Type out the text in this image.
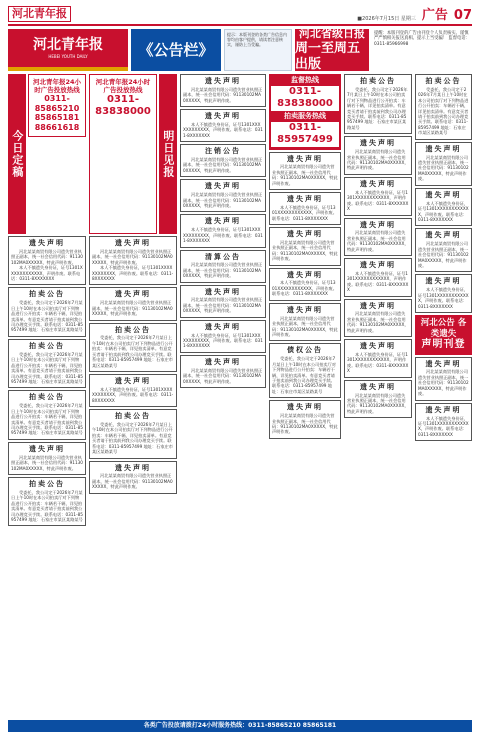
河北青年报	■2026年7月15日 星期三 广告 07
河北青年报
HEBEI YOUTH DAILY	《公告栏》
提示：本版刊登的各类广告信息内容均由客户提供，请读者注意核实，谨防上当受骗。
河北省级日报
周一至周五出版
提醒：本版刊登的广告由刊登个人负责核实。谨慎严严慎相关报送真相。提示上当受骗！ 监督电话：0311-85966998
今日定稿
河北青年报24小时广告投放热线
0311-
85865210
85865181
88661618
遗失声明

河北某某商贸有限公司遗失营业执照正副本，统一社会信用代码：91130102MA0XXXXX，特此声明作废。

本人不慎遗失身份证，证号1301XXXXXXXXXXXX，声明作废。联系电话：0311-8XXXXXXX

拍卖公告

受委托，我公司定于2026年7月某日上午10时在本公司拍卖厅对下列物品进行公开拍卖：车辆若干辆，详见拍卖清单。有意竞买者请于拍卖前到我公司办理竞买手续。联系电话：0311-85957499 地址：石家庄市某区某路某号

拍卖公告

受委托，我公司定于2026年7月某日上午10时在本公司拍卖厅对下列物品进行公开拍卖：车辆若干辆，详见拍卖清单。有意竞买者请于拍卖前到我公司办理竞买手续。联系电话：0311-85957499 地址：石家庄市某区某路某号

拍卖公告

受委托，我公司定于2026年7月某日上午10时在本公司拍卖厅对下列物品进行公开拍卖：车辆若干辆，详见拍卖清单。有意竞买者请于拍卖前到我公司办理竞买手续。联系电话：0311-85957499 地址：石家庄市某区某路某号

遗失声明

河北某某商贸有限公司遗失营业执照正副本，统一社会信用代码：91130102MA0XXXXX，特此声明作废。

拍卖公告

受委托，我公司定于2026年7月某日上午10时在本公司拍卖厅对下列物品进行公开拍卖：车辆若干辆，详见拍卖清单。有意竞买者请于拍卖前到我公司办理竞买手续。联系电话：0311-85957499 地址：石家庄市某区某路某号

河北青年报24小时广告投放热线
0311- 83838000
明日见报
遗失声明

河北某某商贸有限公司遗失营业执照正副本，统一社会信用代码：91130102MA0XXXXX，特此声明作废。

本人不慎遗失身份证，证号1301XXXXXXXXXXXX，声明作废。联系电话：0311-8XXXXXXX

遗失声明

河北某某商贸有限公司遗失营业执照正副本，统一社会信用代码：91130102MA0XXXXX，特此声明作废。

拍卖公告

受委托，我公司定于2026年7月某日上午10时在本公司拍卖厅对下列物品进行公开拍卖：车辆若干辆，详见拍卖清单。有意竞买者请于拍卖前到我公司办理竞买手续。联系电话：0311-85957499 地址：石家庄市某区某路某号

遗失声明

本人不慎遗失身份证，证号1301XXXXXXXXXXXX，声明作废。联系电话：0311-8XXXXXXX

拍卖公告

受委托，我公司定于2026年7月某日上午10时在本公司拍卖厅对下列物品进行公开拍卖：车辆若干辆，详见拍卖清单。有意竞买者请于拍卖前到我公司办理竞买手续。联系电话：0311-85957499 地址：石家庄市某区某路某号

遗失声明

河北某某商贸有限公司遗失营业执照正副本，统一社会信用代码：91130102MA0XXXXX，特此声明作废。

遗失声明

河北某某商贸有限公司遗失营业执照正副本，统一社会信用代码：91130102MA0XXXXX，特此声明作废。

遗失声明

本人不慎遗失身份证，证号1301XXXXXXXXXXXX，声明作废。联系电话：0311-8XXXXXXX

注销公告

河北某某商贸有限公司遗失营业执照正副本，统一社会信用代码：91130102MA0XXXXX，特此声明作废。

遗失声明

河北某某商贸有限公司遗失营业执照正副本，统一社会信用代码：91130102MA0XXXXX，特此声明作废。

遗失声明

本人不慎遗失身份证，证号1301XXXXXXXXXXXX，声明作废。联系电话：0311-8XXXXXXX

清算公告

河北某某商贸有限公司遗失营业执照正副本，统一社会信用代码：91130102MA0XXXXX，特此声明作废。

遗失声明

河北某某商贸有限公司遗失营业执照正副本，统一社会信用代码：91130102MA0XXXXX，特此声明作废。

遗失声明

本人不慎遗失身份证，证号1301XXXXXXXXXXXX，声明作废。联系电话：0311-8XXXXXXX

遗失声明

河北某某商贸有限公司遗失营业执照正副本，统一社会信用代码：91130102MA0XXXXX，特此声明作废。

监督热线
0311-83838000
拍卖服务热线
0311-85957499
遗失声明

河北某某商贸有限公司遗失营业执照正副本，统一社会信用代码：91130102MA0XXXXX，特此声明作废。

遗失声明

本人不慎遗失身份证，证号1301XXXXXXXXXXXX，声明作废。联系电话：0311-8XXXXXXX

遗失声明

河北某某商贸有限公司遗失营业执照正副本，统一社会信用代码：91130102MA0XXXXX，特此声明作废。

遗失声明

本人不慎遗失身份证，证号1301XXXXXXXXXXXX，声明作废。联系电话：0311-8XXXXXXX

遗失声明

河北某某商贸有限公司遗失营业执照正副本，统一社会信用代码：91130102MA0XXXXX，特此声明作废。

债权公告

受委托，我公司定于2026年7月某日上午10时在本公司拍卖厅对下列物品进行公开拍卖：车辆若干辆，详见拍卖清单。有意竞买者请于拍卖前到我公司办理竞买手续。联系电话：0311-85957499 地址：石家庄市某区某路某号

遗失声明

河北某某商贸有限公司遗失营业执照正副本，统一社会信用代码：91130102MA0XXXXX，特此声明作废。

拍卖公告

受委托，我公司定于2026年7月某日上午10时在本公司拍卖厅对下列物品进行公开拍卖：车辆若干辆，详见拍卖清单。有意竞买者请于拍卖前到我公司办理竞买手续。联系电话：0311-85957499 地址：石家庄市某区某路某号

遗失声明

河北某某商贸有限公司遗失营业执照正副本，统一社会信用代码：91130102MA0XXXXX，特此声明作废。

遗失声明

本人不慎遗失身份证，证号1301XXXXXXXXXXXX，声明作废。联系电话：0311-8XXXXXXX

遗失声明

河北某某商贸有限公司遗失营业执照正副本，统一社会信用代码：91130102MA0XXXXX，特此声明作废。

遗失声明

本人不慎遗失身份证，证号1301XXXXXXXXXXXX，声明作废。联系电话：0311-8XXXXXXX

遗失声明

河北某某商贸有限公司遗失营业执照正副本，统一社会信用代码：91130102MA0XXXXX，特此声明作废。

遗失声明

本人不慎遗失身份证，证号1301XXXXXXXXXXXX，声明作废。联系电话：0311-8XXXXXXX

遗失声明

河北某某商贸有限公司遗失营业执照正副本，统一社会信用代码：91130102MA0XXXXX，特此声明作废。

拍卖公告

受委托，我公司定于2026年7月某日上午10时在本公司拍卖厅对下列物品进行公开拍卖：车辆若干辆，详见拍卖清单。有意竞买者请于拍卖前到我公司办理竞买手续。联系电话：0311-85957499 地址：石家庄市某区某路某号

遗失声明

河北某某商贸有限公司遗失营业执照正副本，统一社会信用代码：91130102MA0XXXXX，特此声明作废。

遗失声明

本人不慎遗失身份证，证号1301XXXXXXXXXXXX，声明作废。联系电话：0311-8XXXXXXX

遗失声明

河北某某商贸有限公司遗失营业执照正副本，统一社会信用代码：91130102MA0XXXXX，特此声明作废。

遗失声明

本人不慎遗失身份证，证号1301XXXXXXXXXXXX，声明作废。联系电话：0311-8XXXXXXX

河北公告 各类遗失
声明刊登
遗失声明

河北某某商贸有限公司遗失营业执照正副本，统一社会信用代码：91130102MA0XXXXX，特此声明作废。

遗失声明

本人不慎遗失身份证，证号1301XXXXXXXXXXXX，声明作废。联系电话：0311-8XXXXXXX

各类广告投放请拨打24小时服务热线：0311-85865210 85865181
